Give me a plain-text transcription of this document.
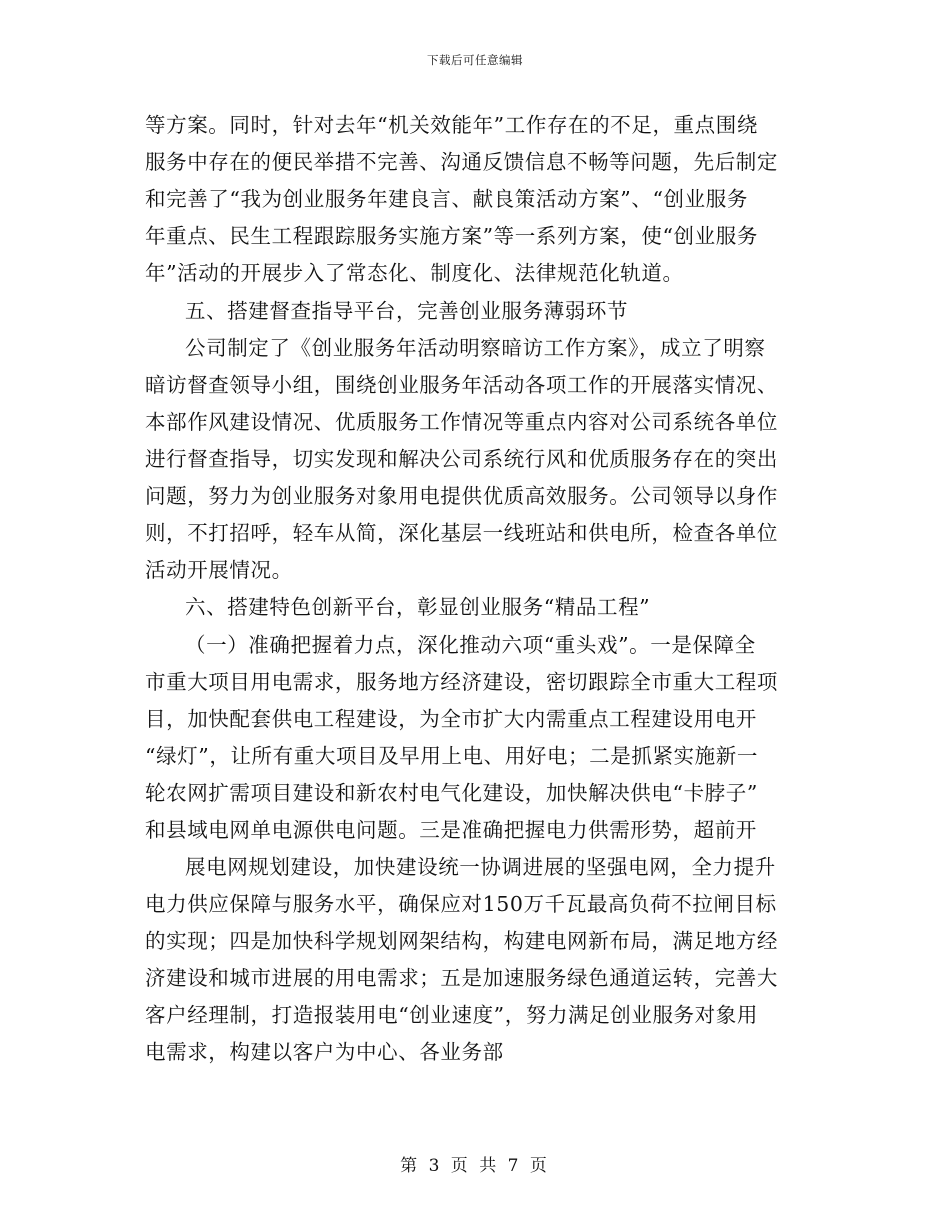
下载后可任意编辑
等方案。同时，针对去年“机关效能年”工作存在的不足，重点围绕
服务中存在的便民举措不完善、沟通反馈信息不畅等问题，先后制定
和完善了“我为创业服务年建良言、献良策活动方案”、“创业服务
年重点、民生工程跟踪服务实施方案”等一系列方案，使“创业服务
年”活动的开展步入了常态化、制度化、法律规范化轨道。
五、搭建督查指导平台，完善创业服务薄弱环节
公司制定了《创业服务年活动明察暗访工作方案》，成立了明察
暗访督查领导小组，围绕创业服务年活动各项工作的开展落实情况、
本部作风建设情况、优质服务工作情况等重点内容对公司系统各单位
进行督查指导，切实发现和解决公司系统行风和优质服务存在的突出
问题，努力为创业服务对象用电提供优质高效服务。公司领导以身作
则，不打招呼，轻车从简，深化基层一线班站和供电所，检查各单位
活动开展情况。
六、搭建特色创新平台，彰显创业服务“精品工程”
（一）准确把握着力点，深化推动六项“重头戏”。一是保障全
市重大项目用电需求，服务地方经济建设，密切跟踪全市重大工程项
目，加快配套供电工程建设，为全市扩大内需重点工程建设用电开
“绿灯”，让所有重大项目及早用上电、用好电；二是抓紧实施新一
轮农网扩需项目建设和新农村电气化建设，加快解决供电“卡脖子”
和县域电网单电源供电问题。三是准确把握电力供需形势，超前开
展电网规划建设，加快建设统一协调进展的坚强电网，全力提升
电力供应保障与服务水平，确保应对150万千瓦最高负荷不拉闸目标
的实现；四是加快科学规划网架结构，构建电网新布局，满足地方经
济建设和城市进展的用电需求；五是加速服务绿色通道运转，完善大
客户经理制，打造报装用电“创业速度”，努力满足创业服务对象用
电需求，构建以客户为中心、各业务部
第 3 页 共 7 页
